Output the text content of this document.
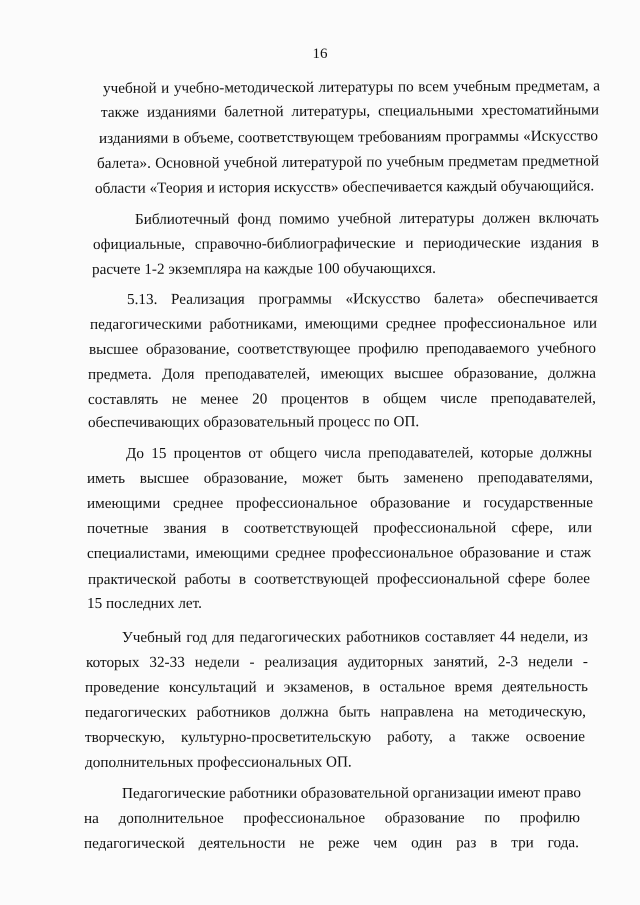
16
учебной и учебно-методической литературы по всем учебным предметам, а
также изданиями балетной литературы, специальными хрестоматийными
изданиями в объеме, соответствующем требованиям программы «Искусство
балета». Основной учебной литературой по учебным предметам предметной
области «Теория и история искусств» обеспечивается каждый обучающийся.
Библиотечный фонд помимо учебной литературы должен включать
официальные, справочно-библиографические и периодические издания в
расчете 1-2 экземпляра на каждые 100 обучающихся.
5.13. Реализация программы «Искусство балета» обеспечивается
педагогическими работниками, имеющими среднее профессиональное или
высшее образование, соответствующее профилю преподаваемого учебного
предмета. Доля преподавателей, имеющих высшее образование, должна
составлять не менее 20 процентов в общем числе преподавателей,
обеспечивающих образовательный процесс по ОП.
До 15 процентов от общего числа преподавателей, которые должны
иметь высшее образование, может быть заменено преподавателями,
имеющими среднее профессиональное образование и государственные
почетные звания в соответствующей профессиональной сфере, или
специалистами, имеющими среднее профессиональное образование и стаж
практической работы в соответствующей профессиональной сфере более
15 последних лет.
Учебный год для педагогических работников составляет 44 недели, из
которых 32-33 недели - реализация аудиторных занятий, 2-3 недели -
проведение консультаций и экзаменов, в остальное время деятельность
педагогических работников должна быть направлена на методическую,
творческую, культурно-просветительскую работу, а также освоение
дополнительных профессиональных ОП.
Педагогические работники образовательной организации имеют право
на дополнительное профессиональное образование по профилю
педагогической деятельности не реже чем один раз в три года.
